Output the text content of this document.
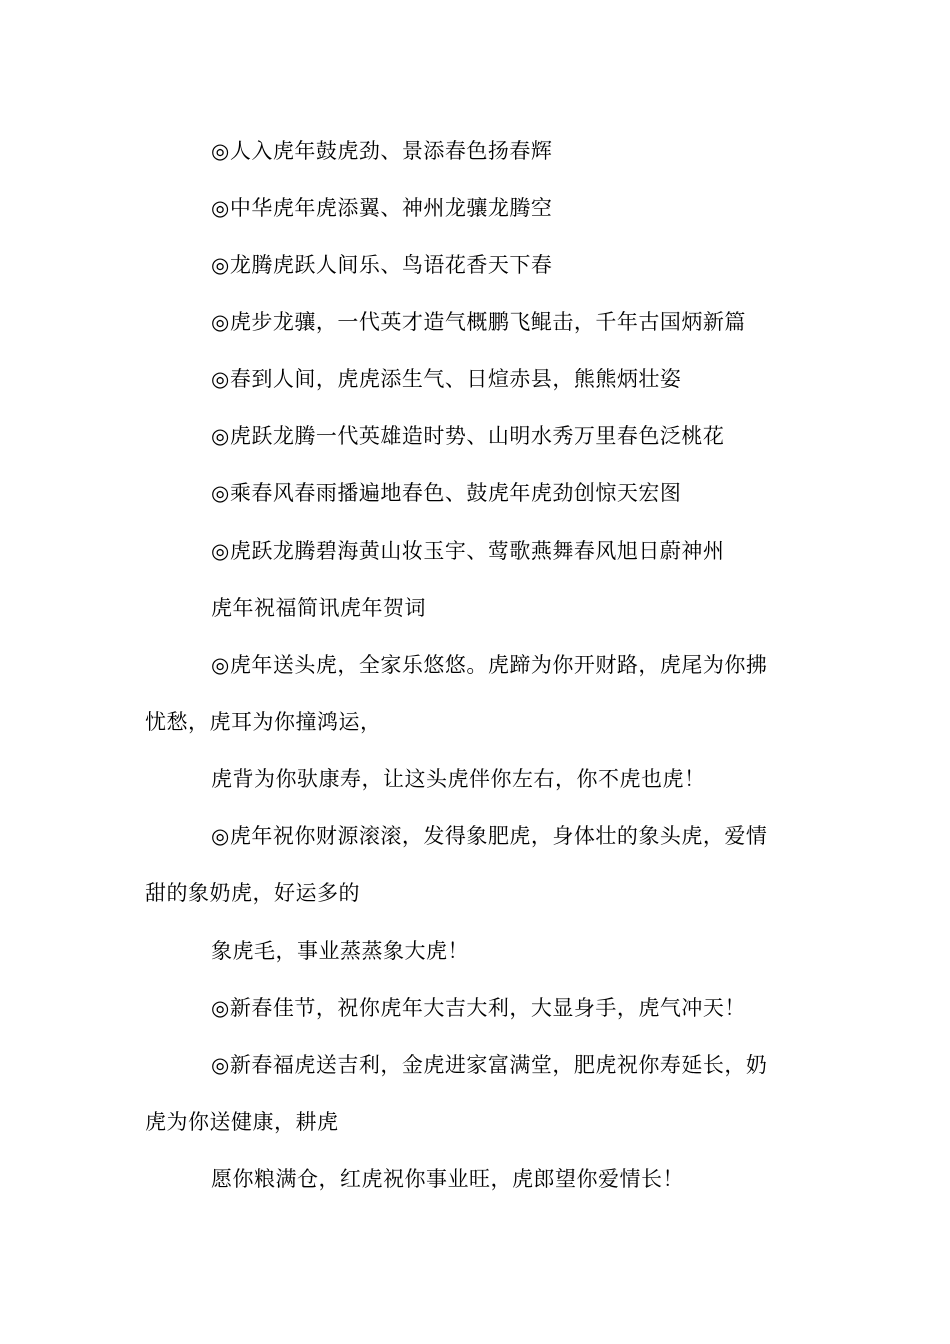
◎人入虎年鼓虎劲、景添春色扬春辉
◎中华虎年虎添翼、神州龙骧龙腾空
◎龙腾虎跃人间乐、鸟语花香天下春
◎虎步龙骧，一代英才造气概鹏飞鲲击，千年古国炳新篇
◎春到人间，虎虎添生气、日煊赤县，熊熊炳壮姿
◎虎跃龙腾一代英雄造时势、山明水秀万里春色泛桃花
◎乘春风春雨播遍地春色、鼓虎年虎劲创惊天宏图
◎虎跃龙腾碧海黄山妆玉宇、莺歌燕舞春风旭日蔚神州
虎年祝福简讯虎年贺词
◎虎年送头虎，全家乐悠悠。虎蹄为你开财路，虎尾为你拂
忧愁，虎耳为你撞鸿运，
虎背为你驮康寿，让这头虎伴你左右，你不虎也虎！
◎虎年祝你财源滚滚，发得象肥虎，身体壮的象头虎，爱情
甜的象奶虎，好运多的
象虎毛，事业蒸蒸象大虎！
◎新春佳节，祝你虎年大吉大利，大显身手，虎气冲天！
◎新春福虎送吉利，金虎进家富满堂，肥虎祝你寿延长，奶
虎为你送健康，耕虎
愿你粮满仓，红虎祝你事业旺，虎郎望你爱情长！
